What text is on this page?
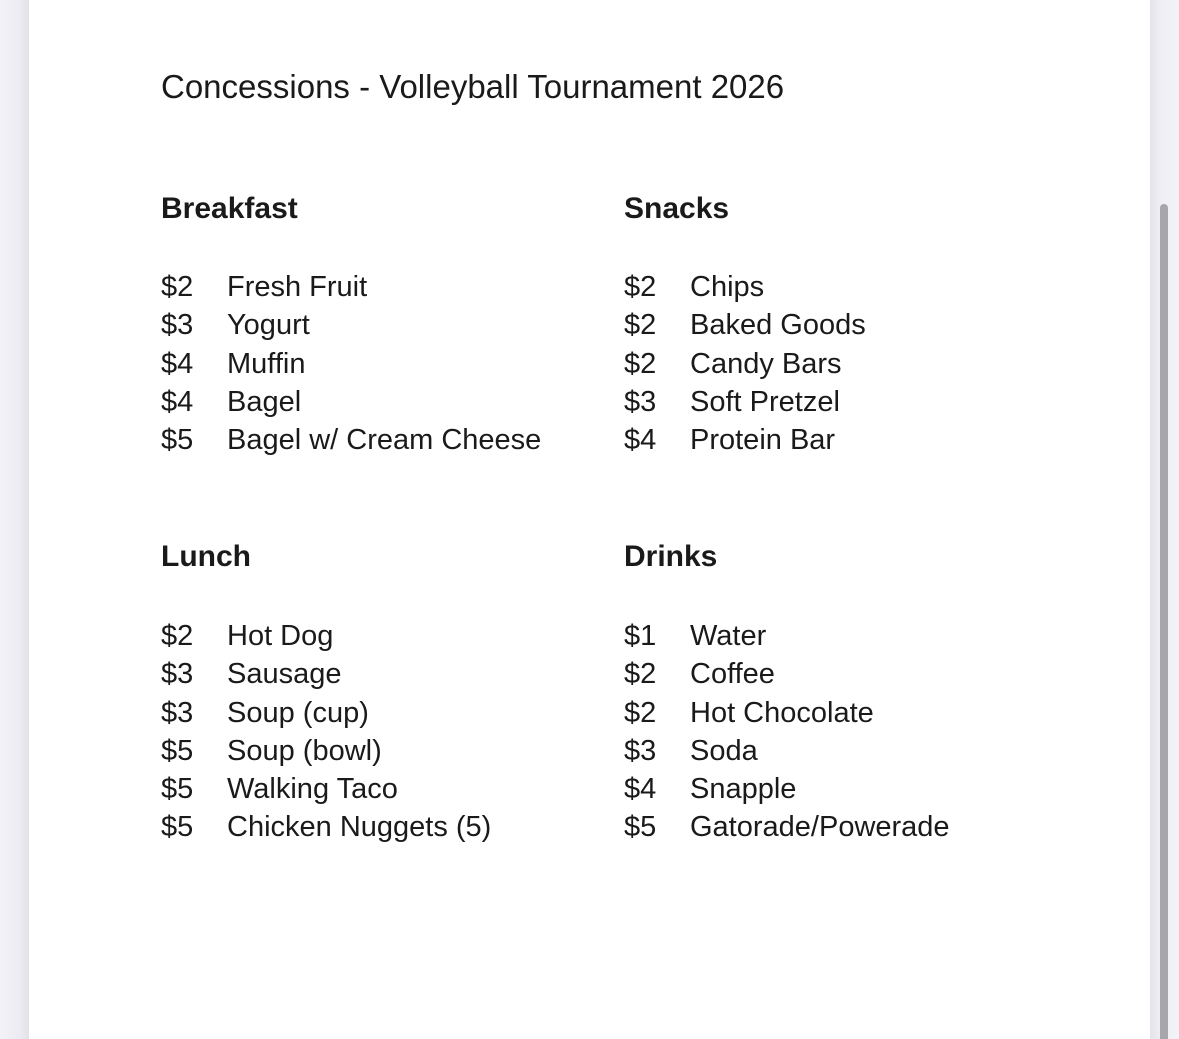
Concessions - Volleyball Tournament 2026
Breakfast
$2 Fresh Fruit
$3 Yogurt
$4 Muffin
$4 Bagel
$5 Bagel w/ Cream Cheese
Snacks
$2 Chips
$2 Baked Goods
$2 Candy Bars
$3 Soft Pretzel
$4 Protein Bar
Lunch
$2 Hot Dog
$3 Sausage
$3 Soup (cup)
$5 Soup (bowl)
$5 Walking Taco
$5 Chicken Nuggets (5)
Drinks
$1 Water
$2 Coffee
$2 Hot Chocolate
$3 Soda
$4 Snapple
$5 Gatorade/Powerade
